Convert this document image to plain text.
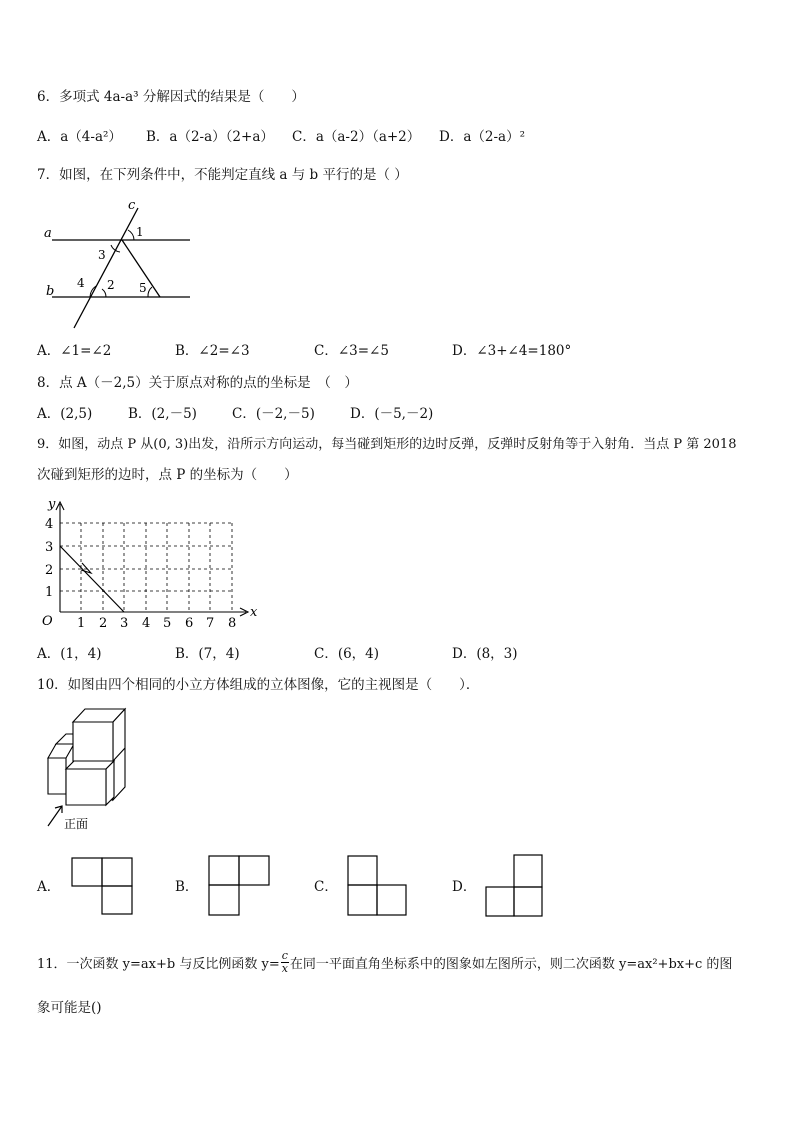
6．多项式 4a-a³ 分解因式的结果是（　　）
A．a（4-a²） B．a（2-a）（2+a） C．a（a-2）（a+2） D．a（2-a）²
7．如图，在下列条件中，不能判定直线 a 与 b 平行的是（ ）
a
b
c
1
2
3
4	5
A．∠1=∠2	B．∠2=∠3	C．∠3=∠5	D．∠3+∠4=180°
8．点 A（－2,5）关于原点对称的点的坐标是　（　）
A．(2,5)	B．(2,－5)	C．(－2,－5)	D．(－5,－2)
9．如图，动点 P 从(0, 3)出发，沿所示方向运动，每当碰到矩形的边时反弹，反弹时反射角等于入射角．当点 P 第 2018
次碰到矩形的边时，点 P 的坐标为（　　）
x
y
O 1 2 3 4 5 6 7 8
1
2
3
4
A．(1，4)	B．(7，4)	C．(6，4)	D．(8，3)
10．如图由四个相同的小立方体组成的立体图像，它的主视图是（　　）．
正面
A．	B．	C．	D．
11．一次函数 y=ax+b 与反比例函数 $y= \frac{c}{x}$ 在同一平面直角坐标系中的图象如左图所示，则二次函数 y=ax²+bx+c 的图
象可能是()
